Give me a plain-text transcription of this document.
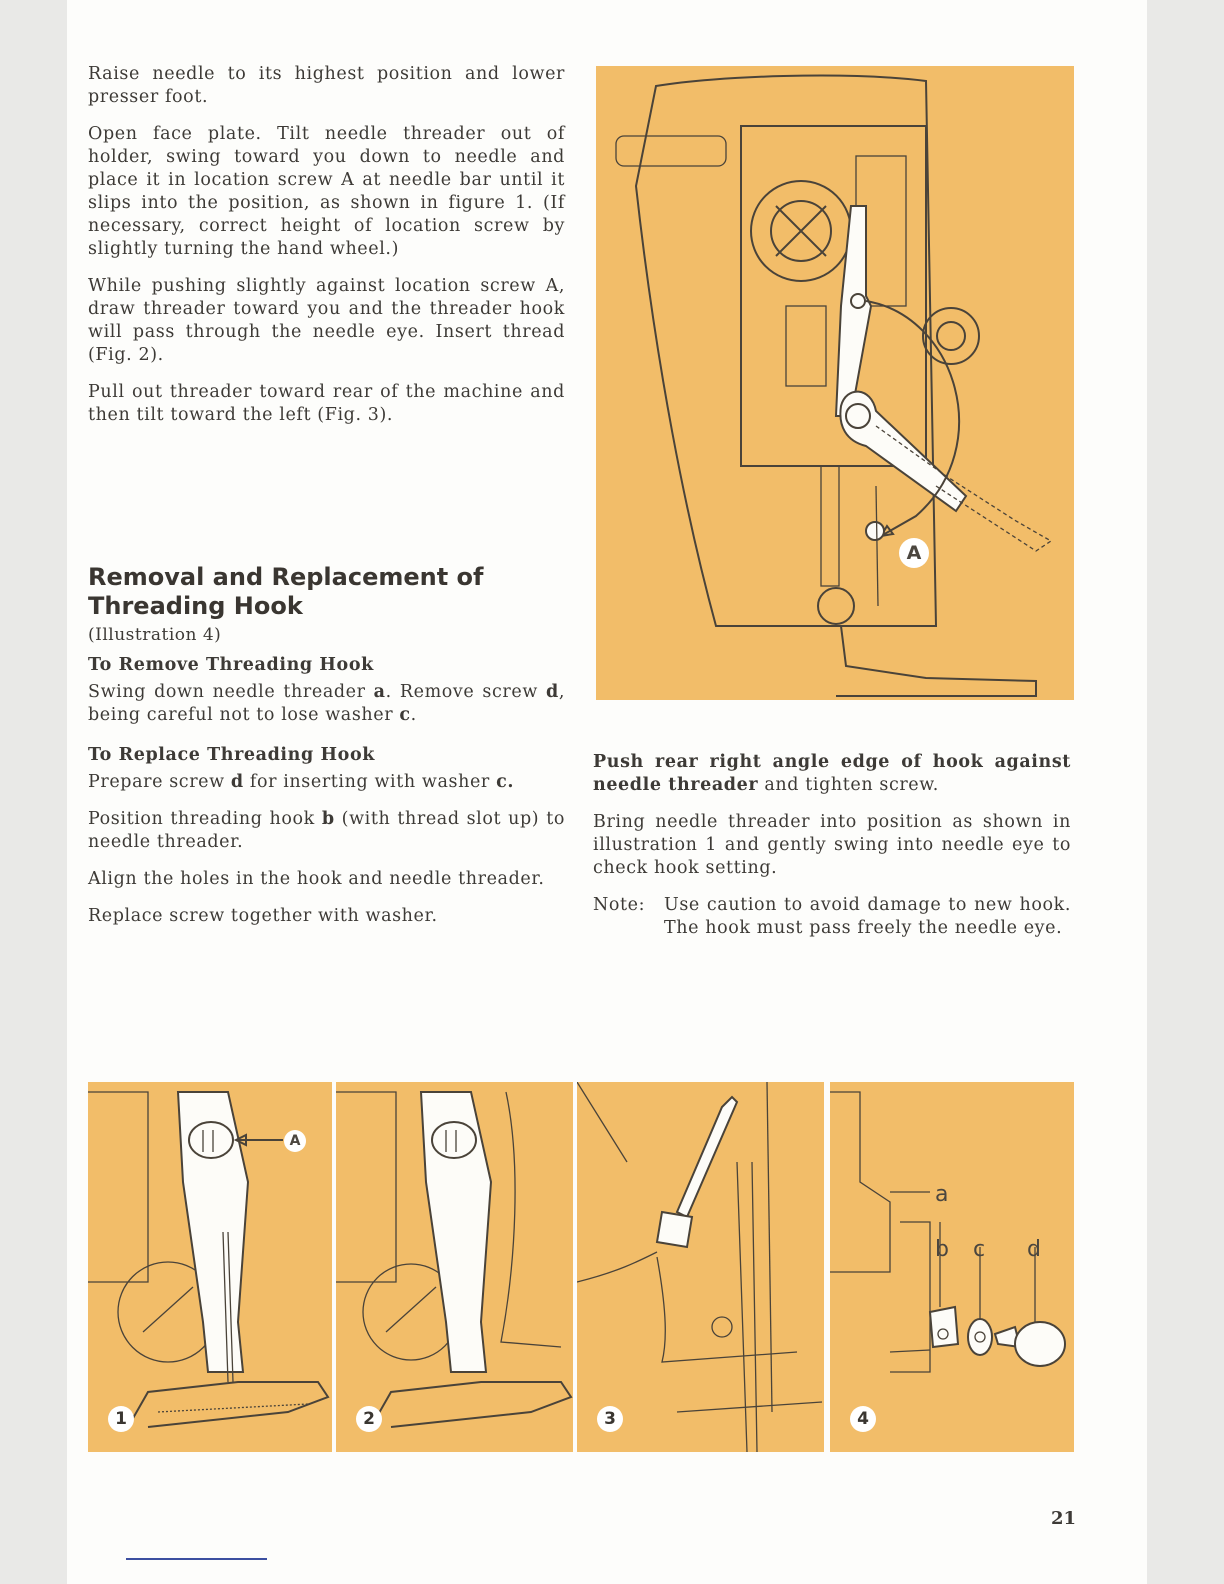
Raise needle to its highest position and lower presser foot.

Open face plate. Tilt needle threader out of holder, swing toward you down to needle and place it in location screw A at needle bar until it slips into the position, as shown in figure 1. (If necessary, correct height of location screw by slightly turning the hand wheel.)

While pushing slightly against location screw A, draw threader toward you and the threader hook will pass through the needle eye. Insert thread (Fig. 2).

Pull out threader toward rear of the machine and then tilt toward the left (Fig. 3).

Removal and Replacement of
Threading Hook
(Illustration 4)
To Remove Threading Hook

Swing down needle threader a. Remove screw d, being careful not to lose washer c.

To Replace Threading Hook

Prepare screw d for inserting with washer c.

Position threading hook b (with thread slot up) to needle threader.

Align the holes in the hook and needle threader.

Replace screw together with washer.

A

Push rear right angle edge of hook against needle threader and tighten screw.

Bring needle threader into position as shown in illustration 1 and gently swing into needle eye to check hook setting.

Note:	Use caution to avoid damage to new hook. The hook must pass freely the needle eye.
A
1	2	3
a
b c d
4
21
